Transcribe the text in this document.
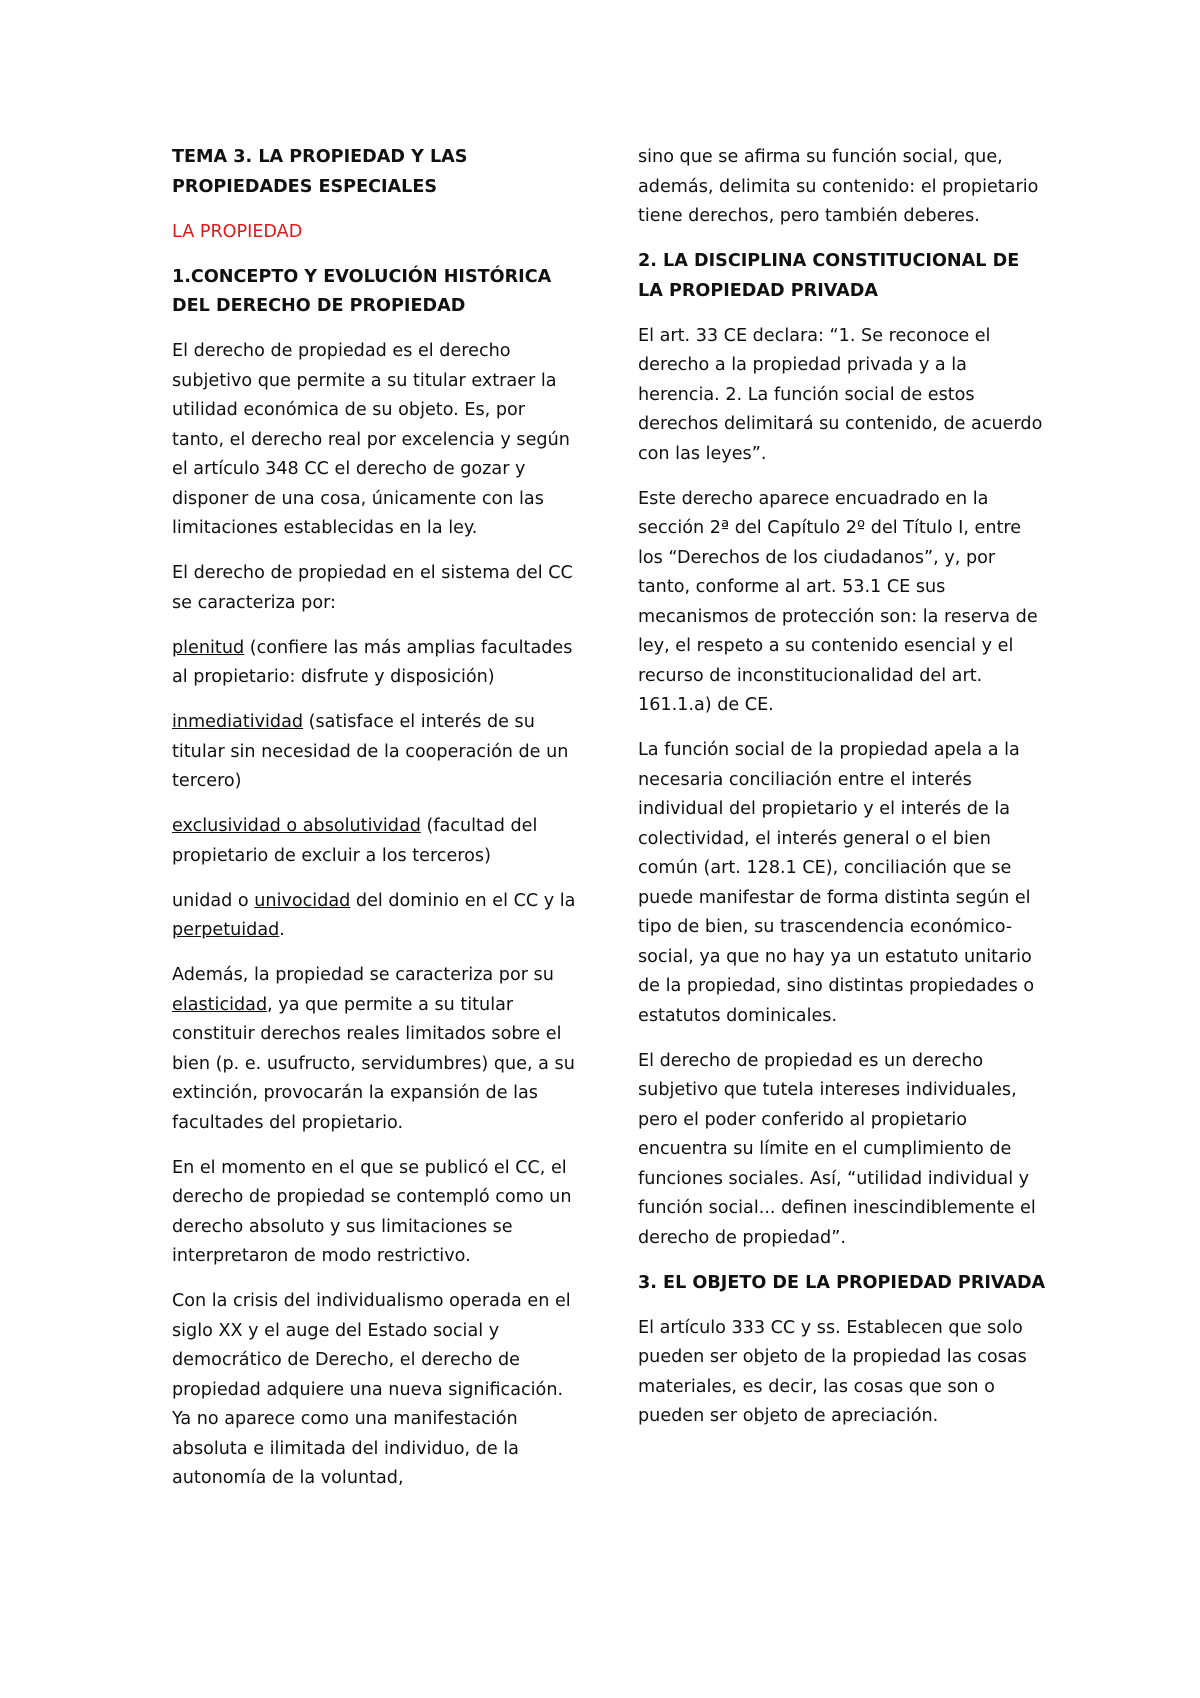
TEMA 3. LA PROPIEDAD Y LAS PROPIEDADES ESPECIALES

LA PROPIEDAD

1.CONCEPTO Y EVOLUCIÓN HISTÓRICA DEL DERECHO DE PROPIEDAD

El derecho de propiedad es el derecho subjetivo que permite a su titular extraer la utilidad económica de su objeto. Es, por tanto, el derecho real por excelencia y según el artículo 348 CC el derecho de gozar y disponer de una cosa, únicamente con las limitaciones establecidas en la ley.

El derecho de propiedad en el sistema del CC se caracteriza por:

plenitud (confiere las más amplias facultades al propietario: disfrute y disposición)

inmediatividad (satisface el interés de su titular sin necesidad de la cooperación de un tercero)

exclusividad o absolutividad (facultad del propietario de excluir a los terceros)

unidad o univocidad del dominio en el CC y la perpetuidad.

Además, la propiedad se caracteriza por su elasticidad, ya que permite a su titular constituir derechos reales limitados sobre el bien (p. e. usufructo, servidumbres) que, a su extinción, provocarán la expansión de las facultades del propietario.

En el momento en el que se publicó el CC, el derecho de propiedad se contempló como un derecho absoluto y sus limitaciones se interpretaron de modo restrictivo.

Con la crisis del individualismo operada en el siglo XX y el auge del Estado social y democrático de Derecho, el derecho de propiedad adquiere una nueva significación. Ya no aparece como una manifestación absoluta e ilimitada del individuo, de la autonomía de la voluntad,

sino que se afirma su función social, que, además, delimita su contenido: el propietario tiene derechos, pero también deberes.

2. LA DISCIPLINA CONSTITUCIONAL DE LA PROPIEDAD PRIVADA

El art. 33 CE declara: “1. Se reconoce el derecho a la propiedad privada y a la herencia. 2. La función social de estos derechos delimitará su contenido, de acuerdo con las leyes”.

Este derecho aparece encuadrado en la sección 2ª del Capítulo 2º del Título I, entre los “Derechos de los ciudadanos”, y, por tanto, conforme al art. 53.1 CE sus mecanismos de protección son: la reserva de ley, el respeto a su contenido esencial y el recurso de inconstitucionalidad del art. 161.1.a) de CE.

La función social de la propiedad apela a la necesaria conciliación entre el interés individual del propietario y el interés de la colectividad, el interés general o el bien común (art. 128.1 CE), conciliación que se puede manifestar de forma distinta según el tipo de bien, su trascendencia económico-social, ya que no hay ya un estatuto unitario de la propiedad, sino distintas propiedades o estatutos dominicales.

El derecho de propiedad es un derecho subjetivo que tutela intereses individuales, pero el poder conferido al propietario encuentra su límite en el cumplimiento de funciones sociales. Así, “utilidad individual y función social... definen inescindiblemente el derecho de propiedad”.

3. EL OBJETO DE LA PROPIEDAD PRIVADA

El artículo 333 CC y ss. Establecen que solo pueden ser objeto de la propiedad las cosas materiales, es decir, las cosas que son o pueden ser objeto de apreciación.
